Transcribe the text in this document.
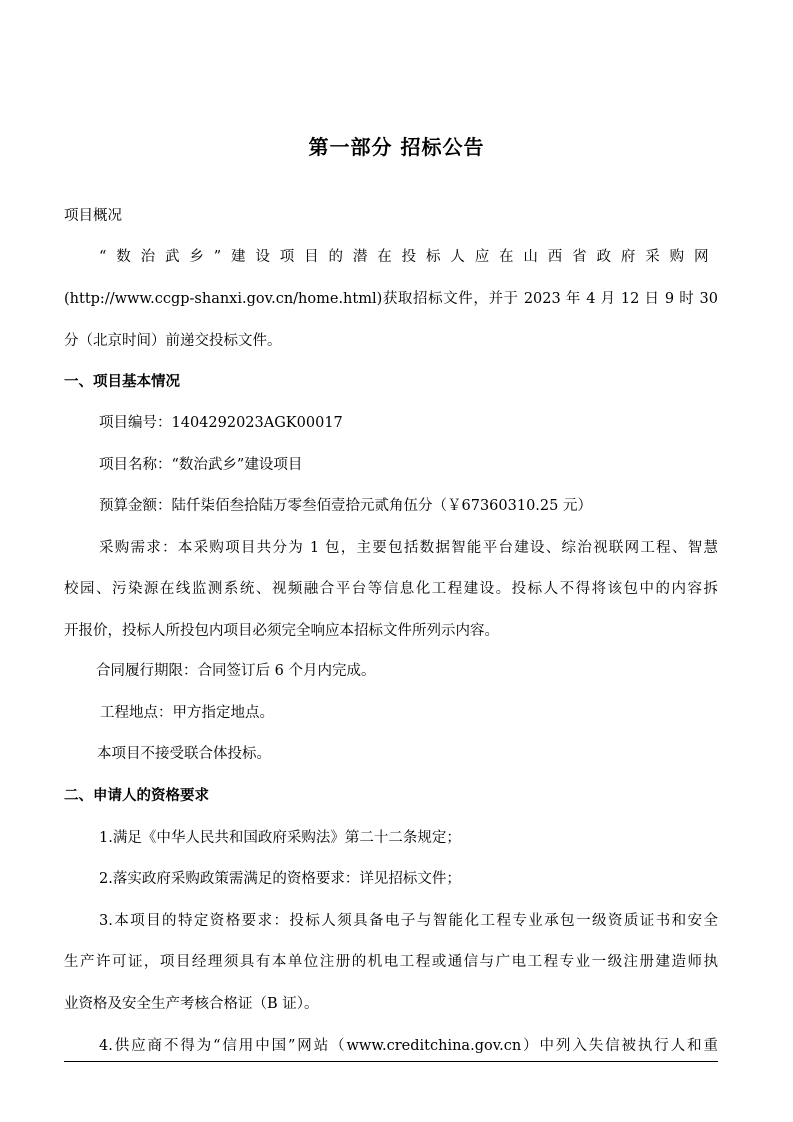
第一部分 招标公告
项目概况
“数治武乡”建设项目的潜在投标人应在山西省政府采购网
(http://www.ccgp-shanxi.gov.cn/home.html)获取招标文件，并于 2023 年 4 月 12 日 9 时 30
分（北京时间）前递交投标文件。
一、项目基本情况
项目编号：1404292023AGK00017
项目名称：“数治武乡”建设项目
预算金额：陆仟柒佰叁拾陆万零叁佰壹拾元贰角伍分（￥67360310.25 元）
采购需求：本采购项目共分为 1 包，主要包括数据智能平台建设、综治视联网工程、智慧
校园、污染源在线监测系统、视频融合平台等信息化工程建设。投标人不得将该包中的内容拆
开报价，投标人所投包内项目必须完全响应本招标文件所列示内容。
合同履行期限：合同签订后 6 个月内完成。
工程地点：甲方指定地点。
本项目不接受联合体投标。
二、申请人的资格要求
1.满足《中华人民共和国政府采购法》第二十二条规定；
2.落实政府采购政策需满足的资格要求：详见招标文件；
3.本项目的特定资格要求：投标人须具备电子与智能化工程专业承包一级资质证书和安全
生产许可证，项目经理须具有本单位注册的机电工程或通信与广电工程专业一级注册建造师执
业资格及安全生产考核合格证（B 证）。
4.供应商不得为“信用中国”网站（www.creditchina.gov.cn）中列入失信被执行人和重
